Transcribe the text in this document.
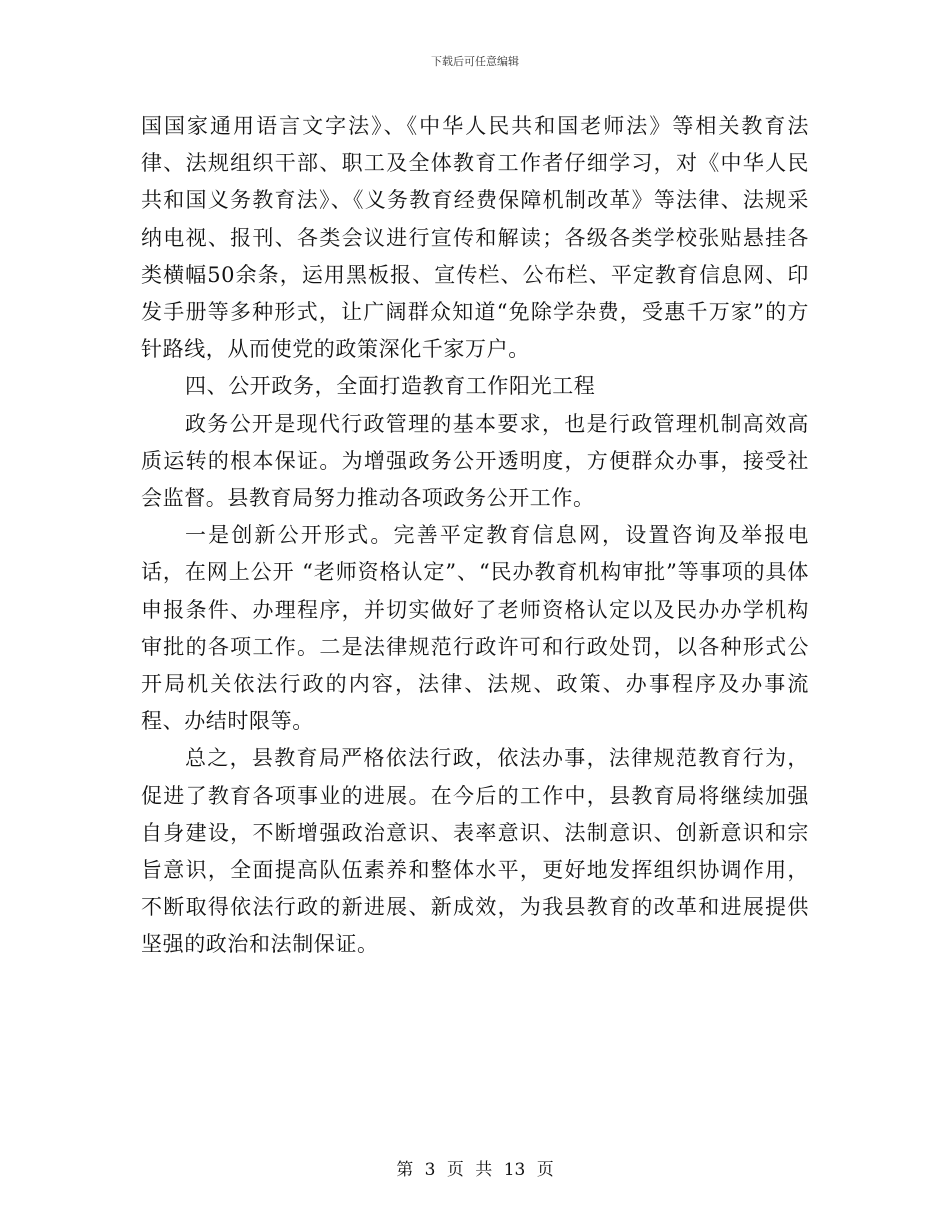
下载后可任意编辑

国国家通用语言文字法》、《中华人民共和国老师法》等相关教育法律、法规组织干部、职工及全体教育工作者仔细学习，对《中华人民共和国义务教育法》、《义务教育经费保障机制改革》等法律、法规采纳电视、报刊、各类会议进行宣传和解读；各级各类学校张贴悬挂各类横幅50余条，运用黑板报、宣传栏、公布栏、平定教育信息网、印发手册等多种形式，让广阔群众知道“免除学杂费，受惠千万家”的方针路线，从而使党的政策深化千家万户。

四、公开政务，全面打造教育工作阳光工程

政务公开是现代行政管理的基本要求，也是行政管理机制高效高质运转的根本保证。为增强政务公开透明度，方便群众办事，接受社会监督。县教育局努力推动各项政务公开工作。

一是创新公开形式。完善平定教育信息网，设置咨询及举报电话，在网上公开 “老师资格认定”、“民办教育机构审批”等事项的具体申报条件、办理程序，并切实做好了老师资格认定以及民办办学机构审批的各项工作。二是法律规范行政许可和行政处罚，以各种形式公开局机关依法行政的内容，法律、法规、政策、办事程序及办事流程、办结时限等。

总之，县教育局严格依法行政，依法办事，法律规范教育行为，促进了教育各项事业的进展。在今后的工作中，县教育局将继续加强自身建设，不断增强政治意识、表率意识、法制意识、创新意识和宗旨意识，全面提高队伍素养和整体水平，更好地发挥组织协调作用，不断取得依法行政的新进展、新成效，为我县教育的改革和进展提供坚强的政治和法制保证。

第 3 页 共 13 页
